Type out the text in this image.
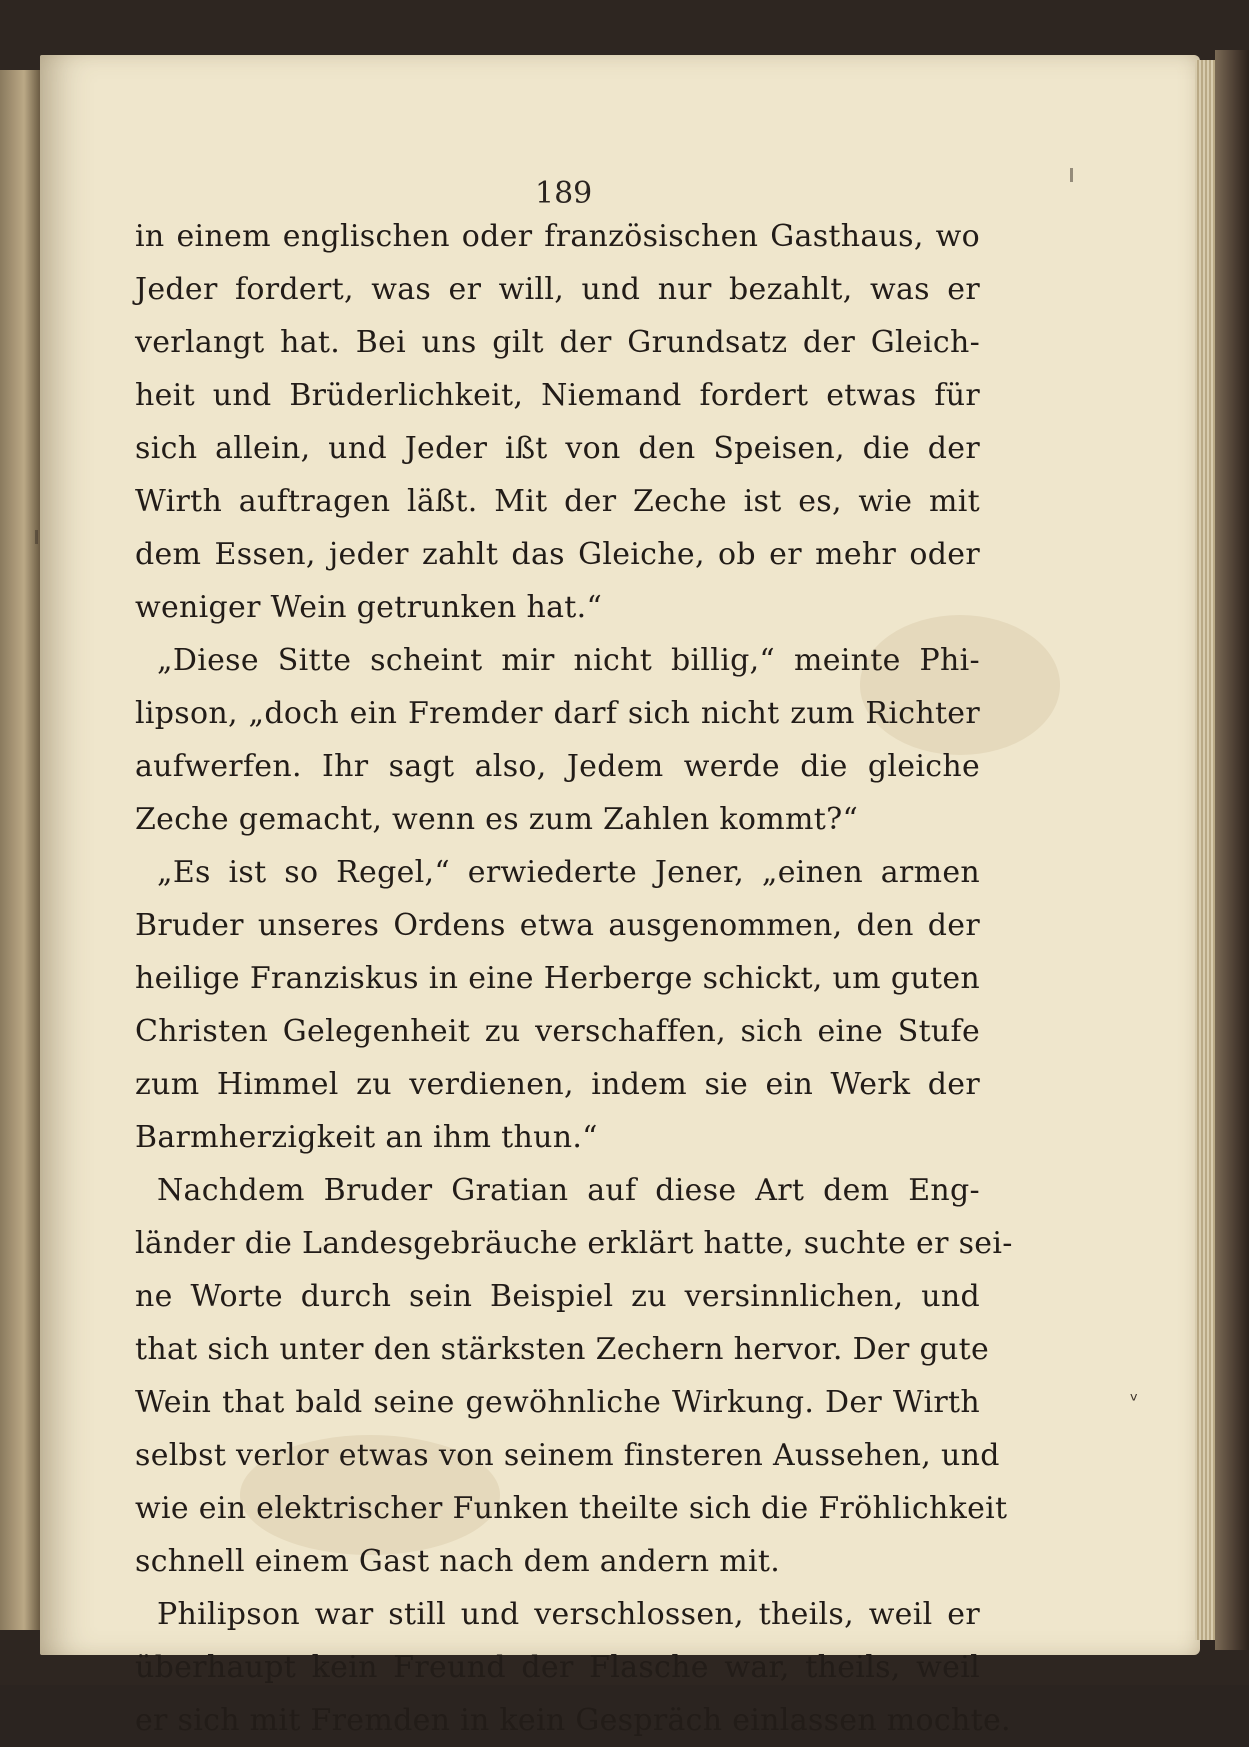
189
in einem englischen oder französischen Gasthaus, wo
Jeder fordert, was er will, und nur bezahlt, was er
verlangt hat. Bei uns gilt der Grundsatz der Gleich-
heit und Brüderlichkeit, Niemand fordert etwas für
sich allein, und Jeder ißt von den Speisen, die der
Wirth auftragen läßt. Mit der Zeche ist es, wie mit
dem Essen, jeder zahlt das Gleiche, ob er mehr oder
weniger Wein getrunken hat.“
„Diese Sitte scheint mir nicht billig,“ meinte Phi-
lipson, „doch ein Fremder darf sich nicht zum Richter
aufwerfen. Ihr sagt also, Jedem werde die gleiche
Zeche gemacht, wenn es zum Zahlen kommt?“
„Es ist so Regel,“ erwiederte Jener, „einen armen
Bruder unseres Ordens etwa ausgenommen, den der
heilige Franziskus in eine Herberge schickt, um guten
Christen Gelegenheit zu verschaffen, sich eine Stufe
zum Himmel zu verdienen, indem sie ein Werk der
Barmherzigkeit an ihm thun.“
Nachdem Bruder Gratian auf diese Art dem Eng-
länder die Landesgebräuche erklärt hatte, suchte er sei-
ne Worte durch sein Beispiel zu versinnlichen, und
that sich unter den stärksten Zechern hervor. Der gute
Wein that bald seine gewöhnliche Wirkung. Der Wirth
selbst verlor etwas von seinem finsteren Aussehen, und
wie ein elektrischer Funken theilte sich die Fröhlichkeit
schnell einem Gast nach dem andern mit.
Philipson war still und verschlossen, theils, weil er
überhaupt kein Freund der Flasche war, theils, weil
er sich mit Fremden in kein Gespräch einlassen mochte.
ᵛ
